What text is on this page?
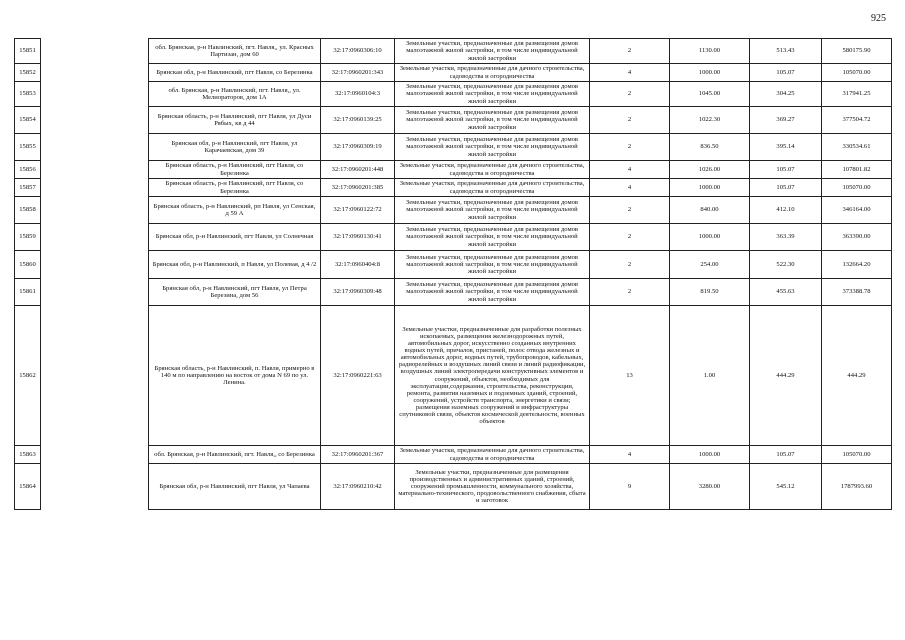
925
15851		обл. Брянская, р-н Навлинский, пгт. Навля,, ул. Красных Партизан, дом 60	32:17:0960306:10	Земельные участки, предназначенные для размещения домов малоэтажной жилой застройки, в том числе индивидуальной жилой застройки	2	1130.00	513.43	580175.90
15852		Брянская обл, р-н Навлинский, пгт Навля, со Березинка	32:17:0960201:343	Земельные участки, предназначенные для дачного строительства, садоводства и огородничества	4	1000.00	105.07	105070.00
15853		обл. Брянская, р-н Навлинский, пгт. Навля,, ул. Мелиораторов, дом 1А	32:17:0960104:3	Земельные участки, предназначенные для размещения домов малоэтажной жилой застройки, в том числе индивидуальной жилой застройки	2	1045.00	304.25	317941.25
15854		Брянская область, р-н Навлинский, пгт Навля, ул Дуси Рябых, кв д 44	32:17:0960139:25	Земельные участки, предназначенные для размещения домов малоэтажной жилой застройки, в том числе индивидуальной жилой застройки	2	1022.30	369.27	377504.72
15855		Брянская обл, р-н Навлинский, пгт Навля, ул Карачаевская, дом 39	32:17:0960309:19	Земельные участки, предназначенные для размещения домов малоэтажной жилой застройки, в том числе индивидуальной жилой застройки	2	836.50	395.14	330534.61
15856		Брянская область, р-н Навлинский, пгт Навля, со Березинка	32:17:0960201:448	Земельные участки, предназначенные для дачного строительства, садоводства и огородничества	4	1026.00	105.07	107801.82
15857		Брянская область, р-н Навлинский, пгт Навля, со Березинка	32:17:0960201:385	Земельные участки, предназначенные для дачного строительства, садоводства и огородничества	4	1000.00	105.07	105070.00
15858		Брянская область, р-н Навлинский, рп Навля, ул Сенская, д 59 А	32:17:0960122:72	Земельные участки, предназначенные для размещения домов малоэтажной жилой застройки, в том числе индивидуальной жилой застройки	2	840.00	412.10	346164.00
15859		Брянская обл, р-н Навлинский, пгт Навля, ул Солнечная	32:17:0960130:41	Земельные участки, предназначенные для размещения домов малоэтажной жилой застройки, в том числе индивидуальной жилой застройки	2	1000.00	363.39	363390.00
15860		Брянская обл, р-н Навлинский, п Навля, ул Полевая, д 4 /2	32:17:0960404:8	Земельные участки, предназначенные для размещения домов малоэтажной жилой застройки, в том числе индивидуальной жилой застройки	2	254.00	522.30	132664.20
15861		Брянская обл, р-н Навлинский, пгт Навля, ул Петра Березина, дом 56	32:17:0960309:48	Земельные участки, предназначенные для размещения домов малоэтажной жилой застройки, в том числе индивидуальной жилой застройки	2	819.50	455.63	373388.78
15862		Брянская область, р-н Навлинский, п. Навля, примерно в 140 м по направлению на восток от дома N 69 по ул. Ленина.	32:17:0960221:63	Земельные участки, предназначенные для разработки полезных ископаемых, размещения железнодорожных путей, автомобильных дорог, искусственно созданных внутренних водных путей, причалов, пристаней, полос отвода железных и автомобильных дорог, водных путей, трубопроводов, кабельных, радиорелейных и воздушных линий связи и линий радиофикации, воздушных линий электропередачи конструктивных элементов и сооружений, объектов, необходимых для эксплуатации,содержания, строительства, реконструкции, ремонта, развития наземных и подземных зданий, строений, сооружений, устройств транспорта, энергетики и связи; размещения наземных сооружений и инфраструктуры спутниковой связи, объектов космической деятельности, военных объектов	13	1.00	444.29	444.29
15863		обл. Брянская, р-н Навлинский, пгт. Навля,, со Березинка	32:17:0960201:367	Земельные участки, предназначенные для дачного строительства, садоводства и огородничества	4	1000.00	105.07	105070.00
15864		Брянская обл, р-н Навлинский, пгт Навля, ул Чапаева	32:17:0960210:42	Земельные участки, предназначенные для размещения производственных и административных зданий, строений, сооружений промышленности, коммунального хозяйства, материально-технического, продовольственного снабжения, сбыта и заготовок	9	3280.00	545.12	1787993.60
